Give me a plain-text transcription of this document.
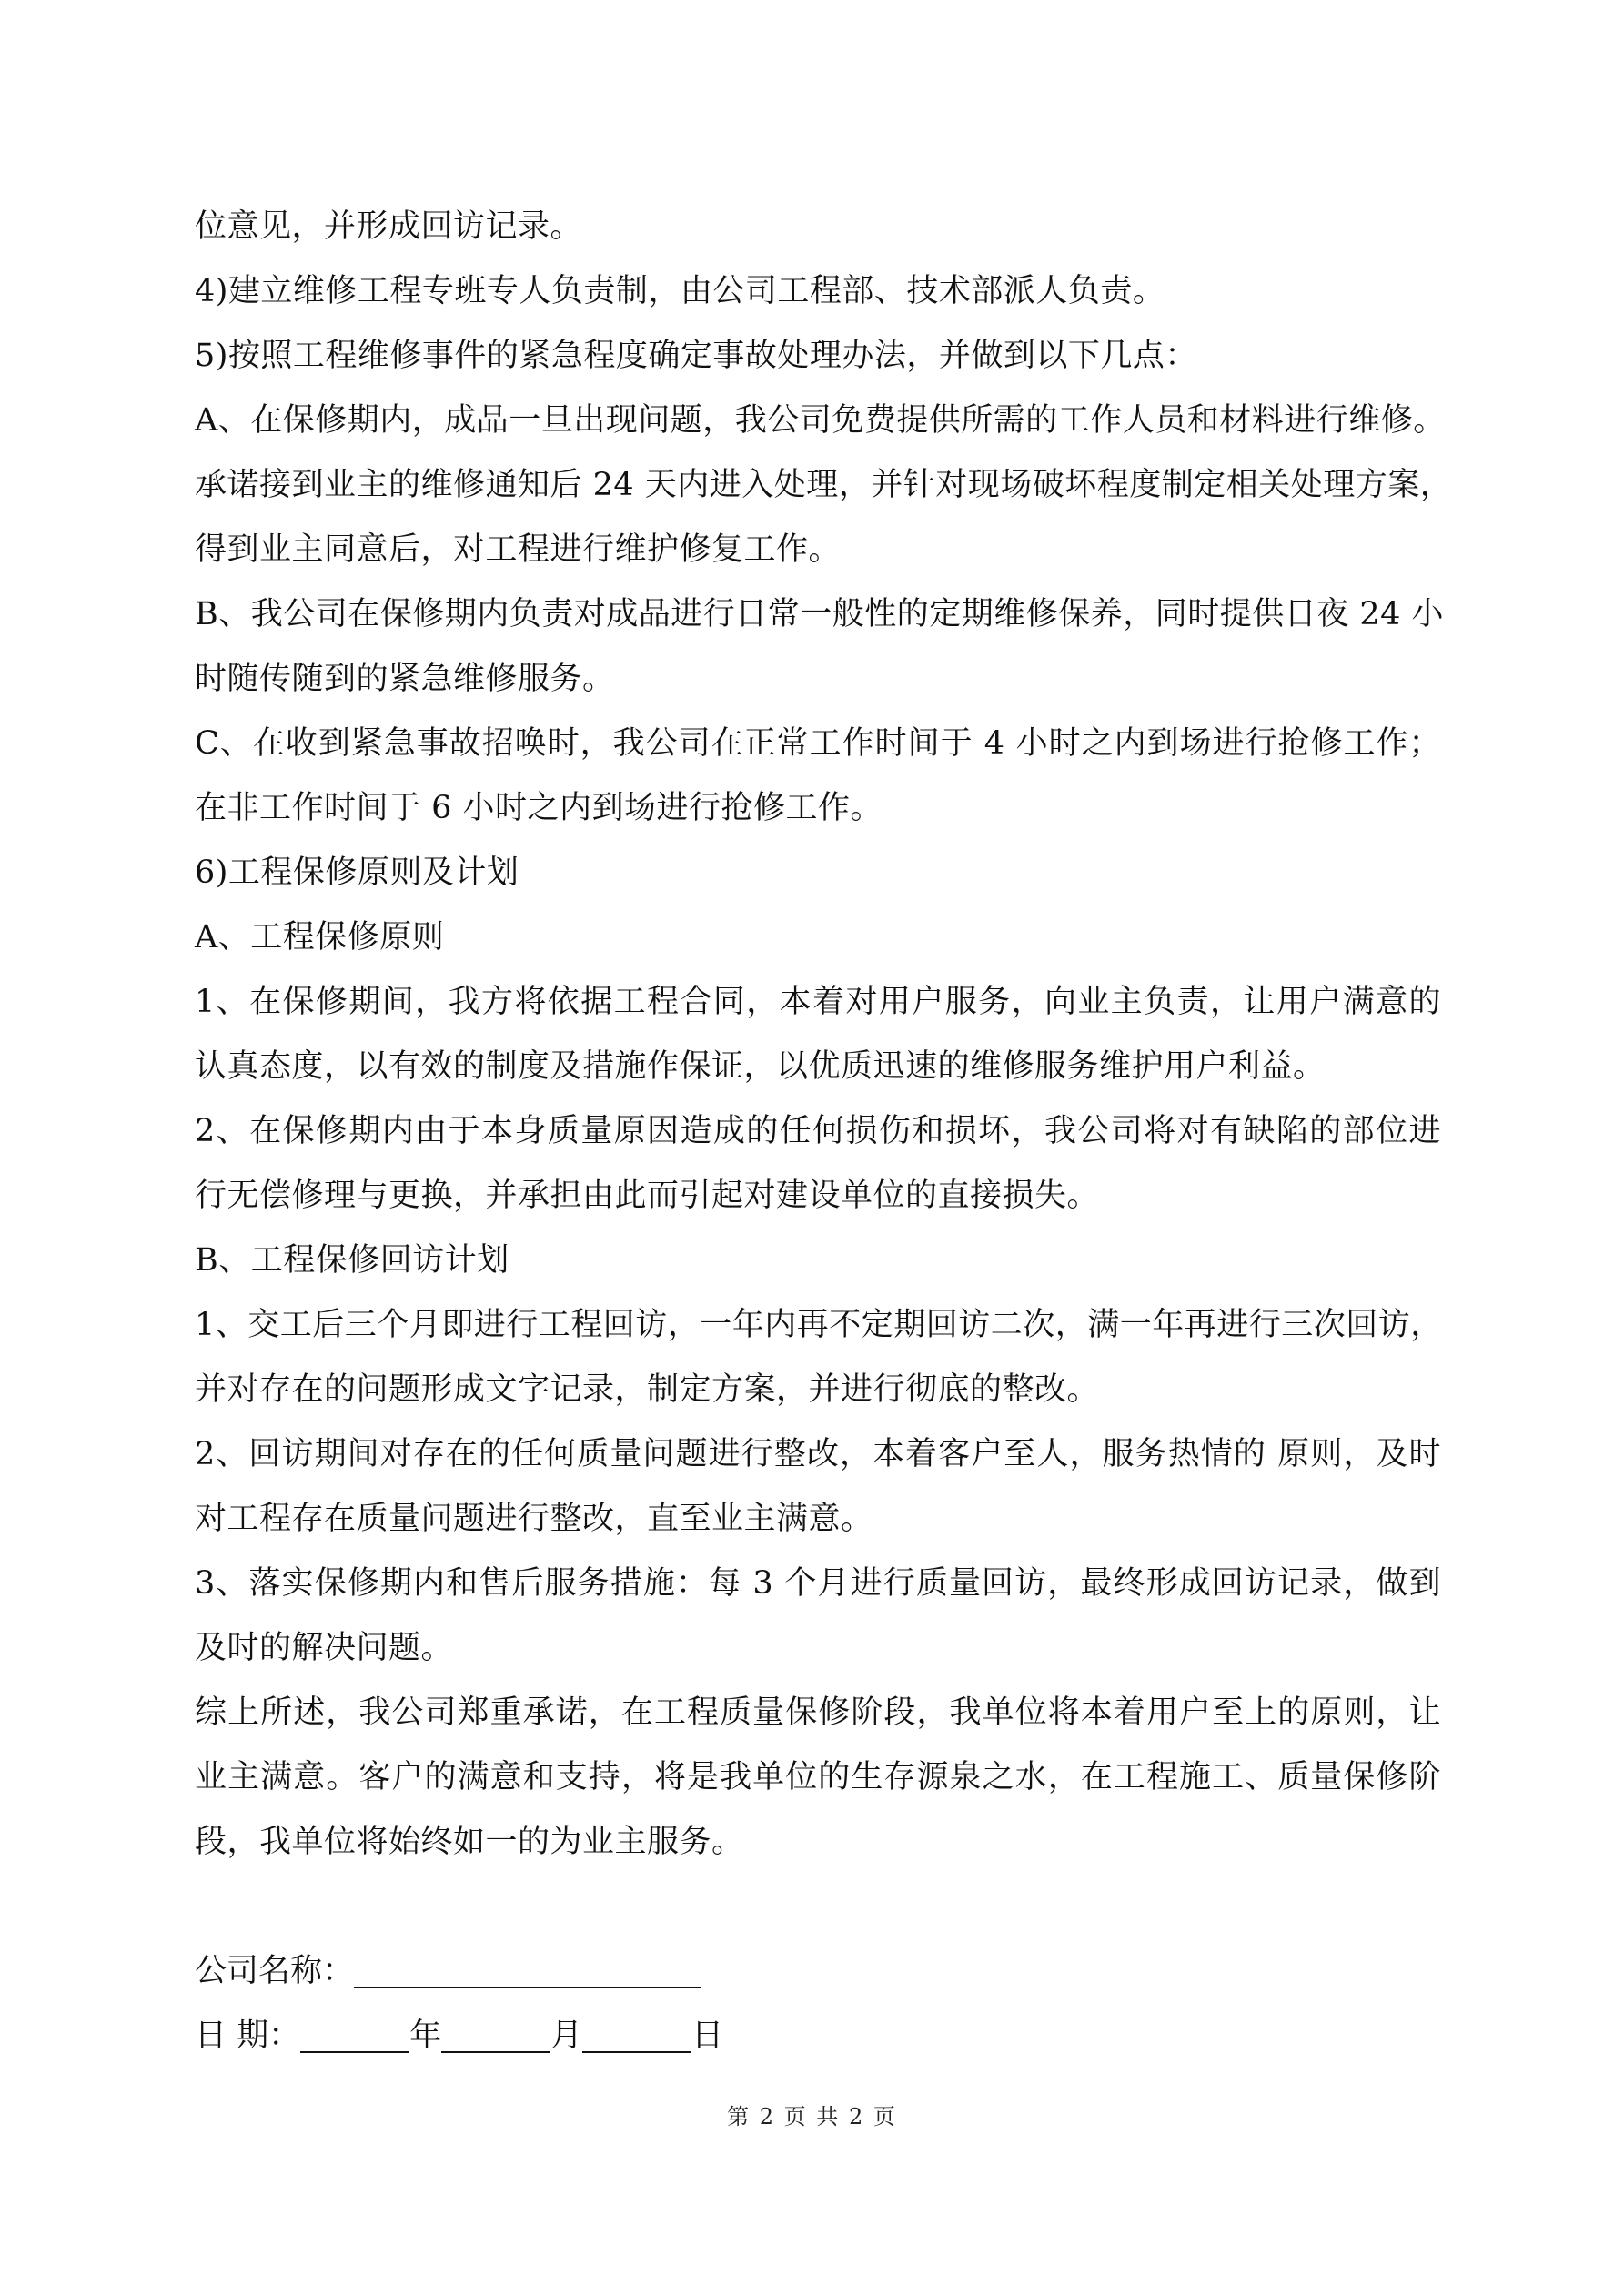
位意见，并形成回访记录。
4)建立维修工程专班专人负责制，由公司工程部、技术部派人负责。
5)按照工程维修事件的紧急程度确定事故处理办法，并做到以下几点：
A、在保修期内，成品一旦出现问题，我公司免费提供所需的工作人员和材料进行维修。
承诺接到业主的维修通知后 24 天内进入处理，并针对现场破坏程度制定相关处理方案，
得到业主同意后，对工程进行维护修复工作。
B、我公司在保修期内负责对成品进行日常一般性的定期维修保养，同时提供日夜 24 小
时随传随到的紧急维修服务。
C、在收到紧急事故招唤时，我公司在正常工作时间于 4 小时之内到场进行抢修工作；
在非工作时间于 6 小时之内到场进行抢修工作。
6)工程保修原则及计划
A、工程保修原则
1、在保修期间，我方将依据工程合同，本着对用户服务，向业主负责，让用户满意的
认真态度，以有效的制度及措施作保证，以优质迅速的维修服务维护用户利益。
2、在保修期内由于本身质量原因造成的任何损伤和损坏，我公司将对有缺陷的部位进
行无偿修理与更换，并承担由此而引起对建设单位的直接损失。
B、工程保修回访计划
1、交工后三个月即进行工程回访，一年内再不定期回访二次，满一年再进行三次回访，
并对存在的问题形成文字记录，制定方案，并进行彻底的整改。
2、回访期间对存在的任何质量问题进行整改，本着客户至人，服务热情的 原则，及时
对工程存在质量问题进行整改，直至业主满意。
3、落实保修期内和售后服务措施：每 3 个月进行质量回访，最终形成回访记录，做到
及时的解决问题。
综上所述，我公司郑重承诺，在工程质量保修阶段，我单位将本着用户至上的原则，让
业主满意。客户的满意和支持，将是我单位的生存源泉之水，在工程施工、质量保修阶
段，我单位将始终如一的为业主服务。
公司名称：
日 期：	年	月	日
第 2 页 共 2 页
